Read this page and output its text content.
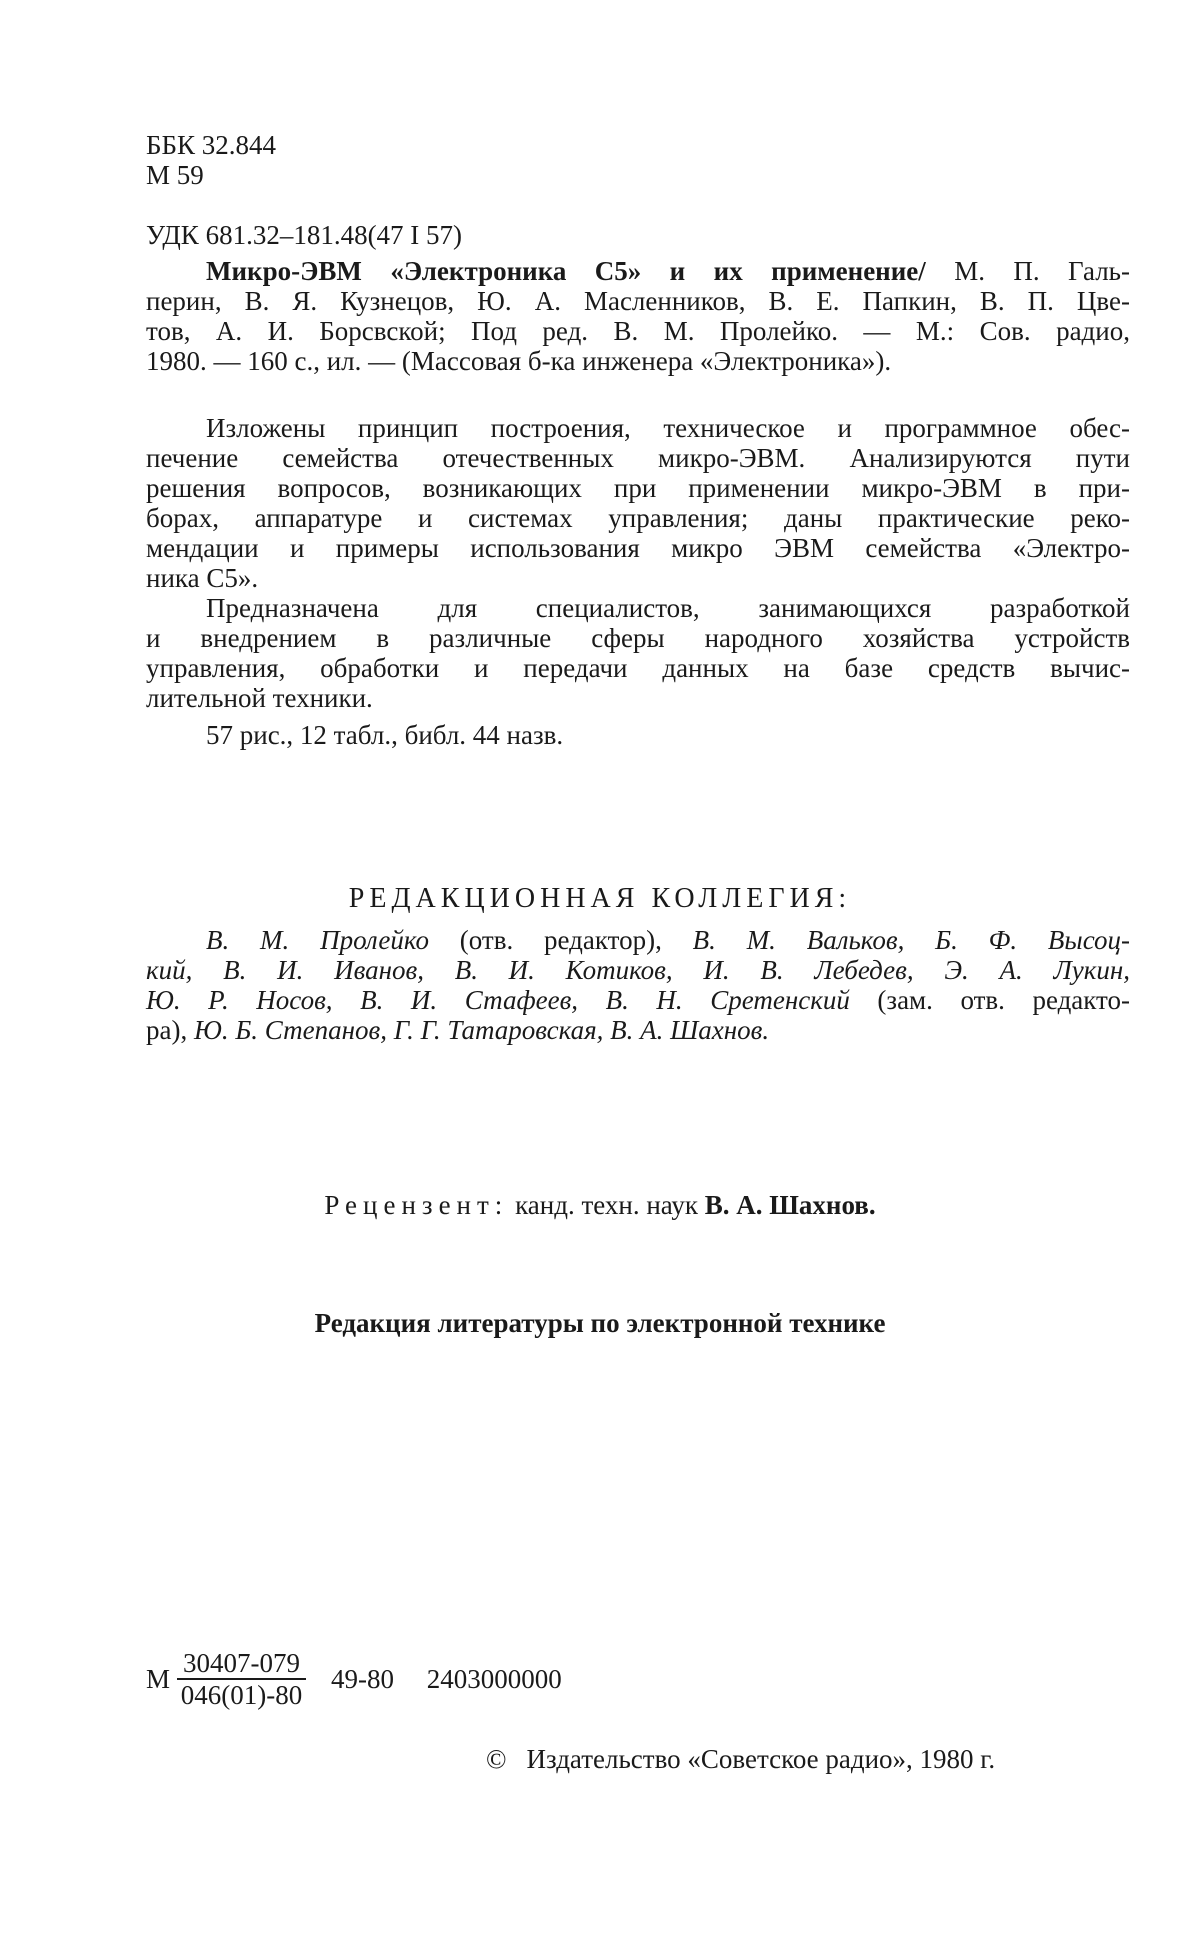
ББК 32.844
М 59
УДК 681.32–181.48(47 І 57)
Микро-ЭВМ «Электроника С5» и их применение/ М. П. Галь-
перин, В. Я. Кузнецов, Ю. А. Масленников, В. Е. Папкин, В. П. Цве-
тов, А. И. Борсвской; Под ред. В. М. Пролейко. — М.: Сов. радио,
1980. — 160 с., ил. — (Массовая б-ка инженера «Электроника»).
Изложены принцип построения, техническое и программное обес-
печение семейства отечественных микро-ЭВМ. Анализируются пути
решения вопросов, возникающих при применении микро-ЭВМ в при-
борах, аппаратуре и системах управления; даны практические реко-
мендации и примеры использования микро ЭВМ семейства «Электро-
ника С5».
Предназначена для специалистов, занимающихся разработкой
и внедрением в различные сферы народного хозяйства устройств
управления, обработки и передачи данных на базе средств вычис-
лительной техники.
57 рис., 12 табл., библ. 44 назв.
РЕДАКЦИОННАЯ КОЛЛЕГИЯ:
В. М. Пролейко (отв. редактор), В. М. Вальков, Б. Ф. Высоц-
кий, В. И. Иванов, В. И. Котиков, И. В. Лебедев, Э. А. Лукин,
Ю. Р. Носов, В. И. Стафеев, В. Н. Сретенский (зам. отв. редакто-
ра), Ю. Б. Степанов, Г. Г. Татаровская, В. А. Шахнов.
Рецензент: канд. техн. наук В. А. Шахнов.
Редакция литературы по электронной технике
М $\frac{30407-079}{046(01)-80} 49-80$ 2403000000
© Издательство «Советское радио», 1980 г.
